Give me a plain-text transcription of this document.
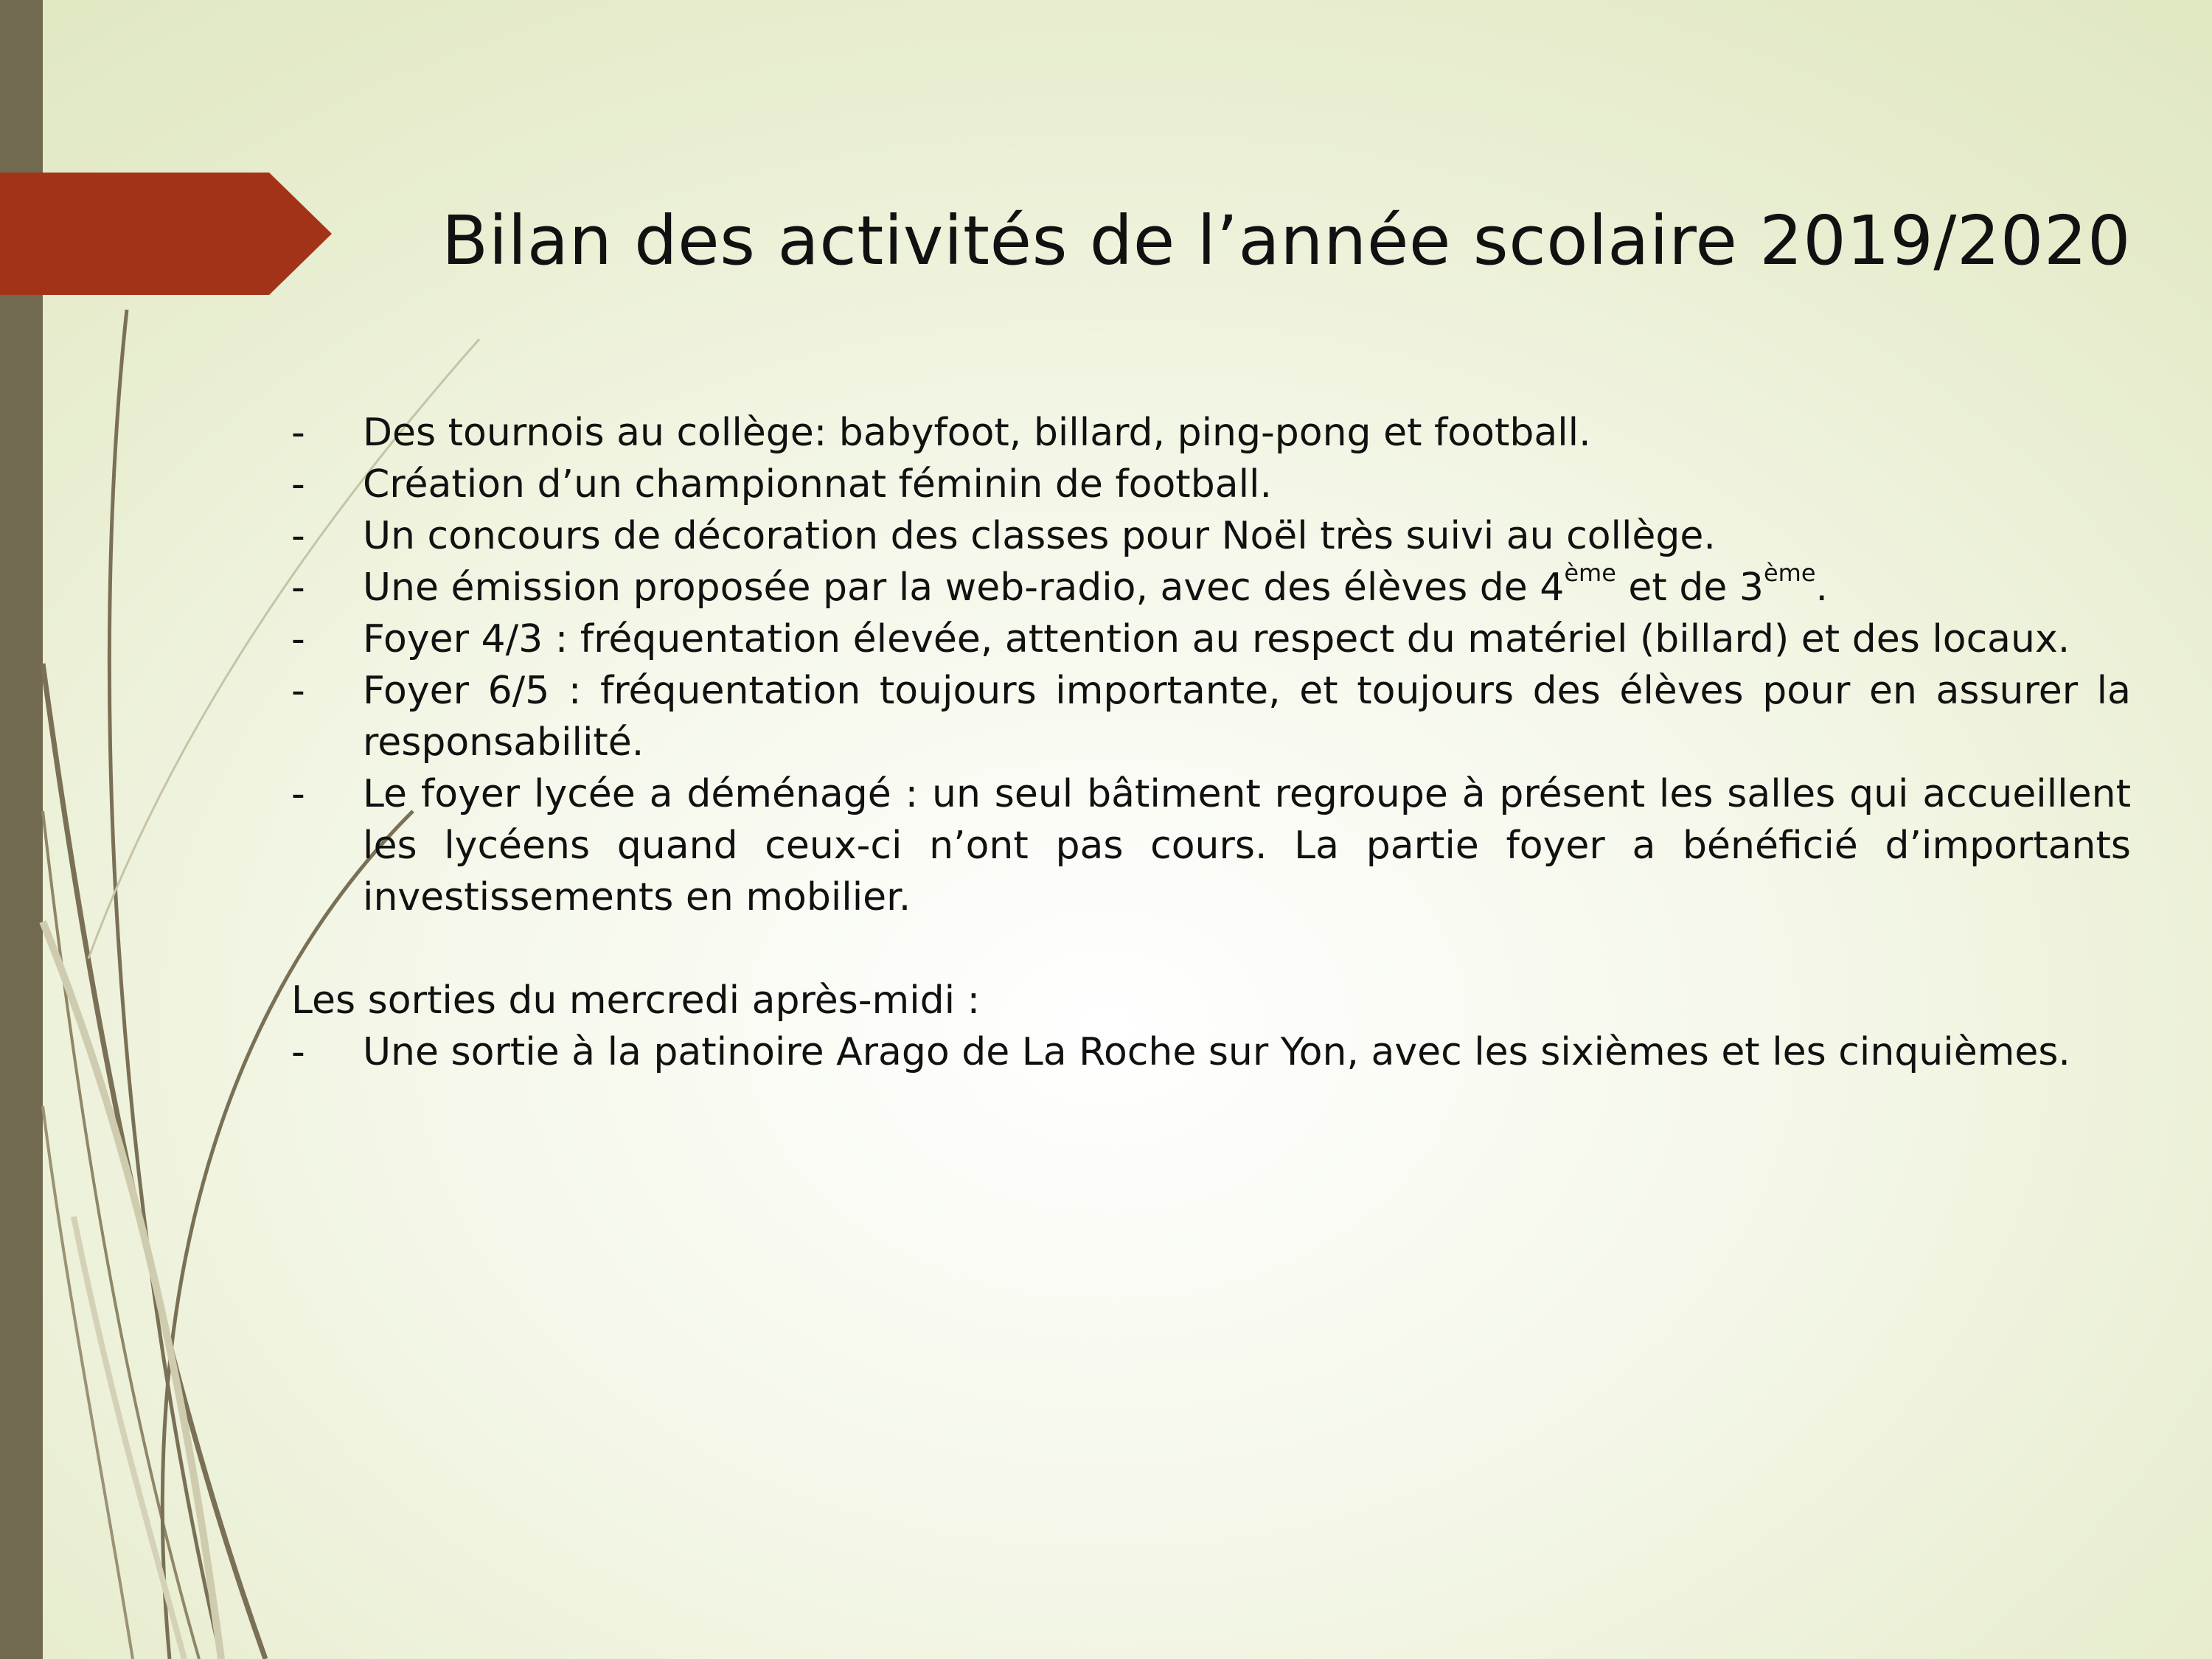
Bilan des activités de l’année scolaire 2019/2020
- Des tournois au collège: babyfoot, billard, ping-pong et football.
- Création d’un championnat féminin de football.
- Un concours de décoration des classes pour Noël très suivi au collège.
- Une émission proposée par la web-radio, avec des élèves de 4ème et de 3ème.
- Foyer 4/3 : fréquentation élevée, attention au respect du matériel (billard) et des locaux.
- Foyer 6/5 : fréquentation toujours importante, et toujours des élèves pour en assurer la responsabilité.
- Le foyer lycée a déménagé : un seul bâtiment regroupe à présent les salles qui accueillent les lycéens quand ceux-ci n’ont pas cours. La partie foyer a bénéficié d’importants investissements en mobilier.
Les sorties du mercredi après-midi :
- Une sortie à la patinoire Arago de La Roche sur Yon, avec les sixièmes et les cinquièmes.
